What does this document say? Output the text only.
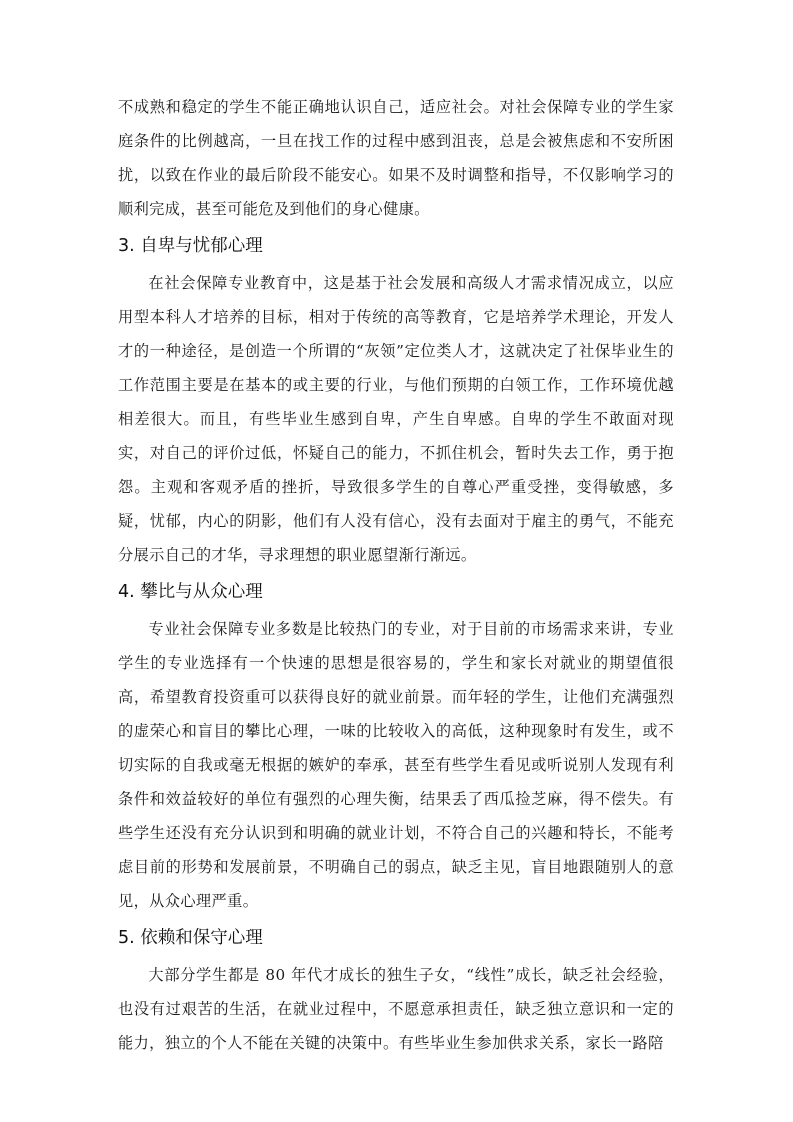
不成熟和稳定的学生不能正确地认识自己，适应社会。对社会保障专业的学生家庭条件的比例越高，一旦在找工作的过程中感到沮丧，总是会被焦虑和不安所困扰，以致在作业的最后阶段不能安心。如果不及时调整和指导，不仅影响学习的顺利完成，甚至可能危及到他们的身心健康。

3. 自卑与忧郁心理

在社会保障专业教育中，这是基于社会发展和高级人才需求情况成立，以应用型本科人才培养的目标，相对于传统的高等教育，它是培养学术理论，开发人才的一种途径，是创造一个所谓的“灰领”定位类人才，这就决定了社保毕业生的工作范围主要是在基本的或主要的行业，与他们预期的白领工作，工作环境优越相差很大。而且，有些毕业生感到自卑，产生自卑感。自卑的学生不敢面对现实，对自己的评价过低，怀疑自己的能力，不抓住机会，暂时失去工作，勇于抱怨。主观和客观矛盾的挫折，导致很多学生的自尊心严重受挫，变得敏感，多疑，忧郁，内心的阴影，他们有人没有信心，没有去面对于雇主的勇气，不能充分展示自己的才华，寻求理想的职业愿望渐行渐远。

4. 攀比与从众心理

专业社会保障专业多数是比较热门的专业，对于目前的市场需求来讲，专业学生的专业选择有一个快速的思想是很容易的，学生和家长对就业的期望值很高，希望教育投资重可以获得良好的就业前景。而年轻的学生，让他们充满强烈的虚荣心和盲目的攀比心理，一味的比较收入的高低，这种现象时有发生，或不切实际的自我或毫无根据的嫉妒的奉承，甚至有些学生看见或听说别人发现有利条件和效益较好的单位有强烈的心理失衡，结果丢了西瓜捡芝麻，得不偿失。有些学生还没有充分认识到和明确的就业计划，不符合自己的兴趣和特长，不能考虑目前的形势和发展前景，不明确自己的弱点，缺乏主见，盲目地跟随别人的意见，从众心理严重。

5. 依赖和保守心理

大部分学生都是 80 年代才成长的独生子女，“线性”成长，缺乏社会经验，也没有过艰苦的生活，在就业过程中，不愿意承担责任，缺乏独立意识和一定的能力，独立的个人不能在关键的决策中。有些毕业生参加供求关系，家长一路陪
